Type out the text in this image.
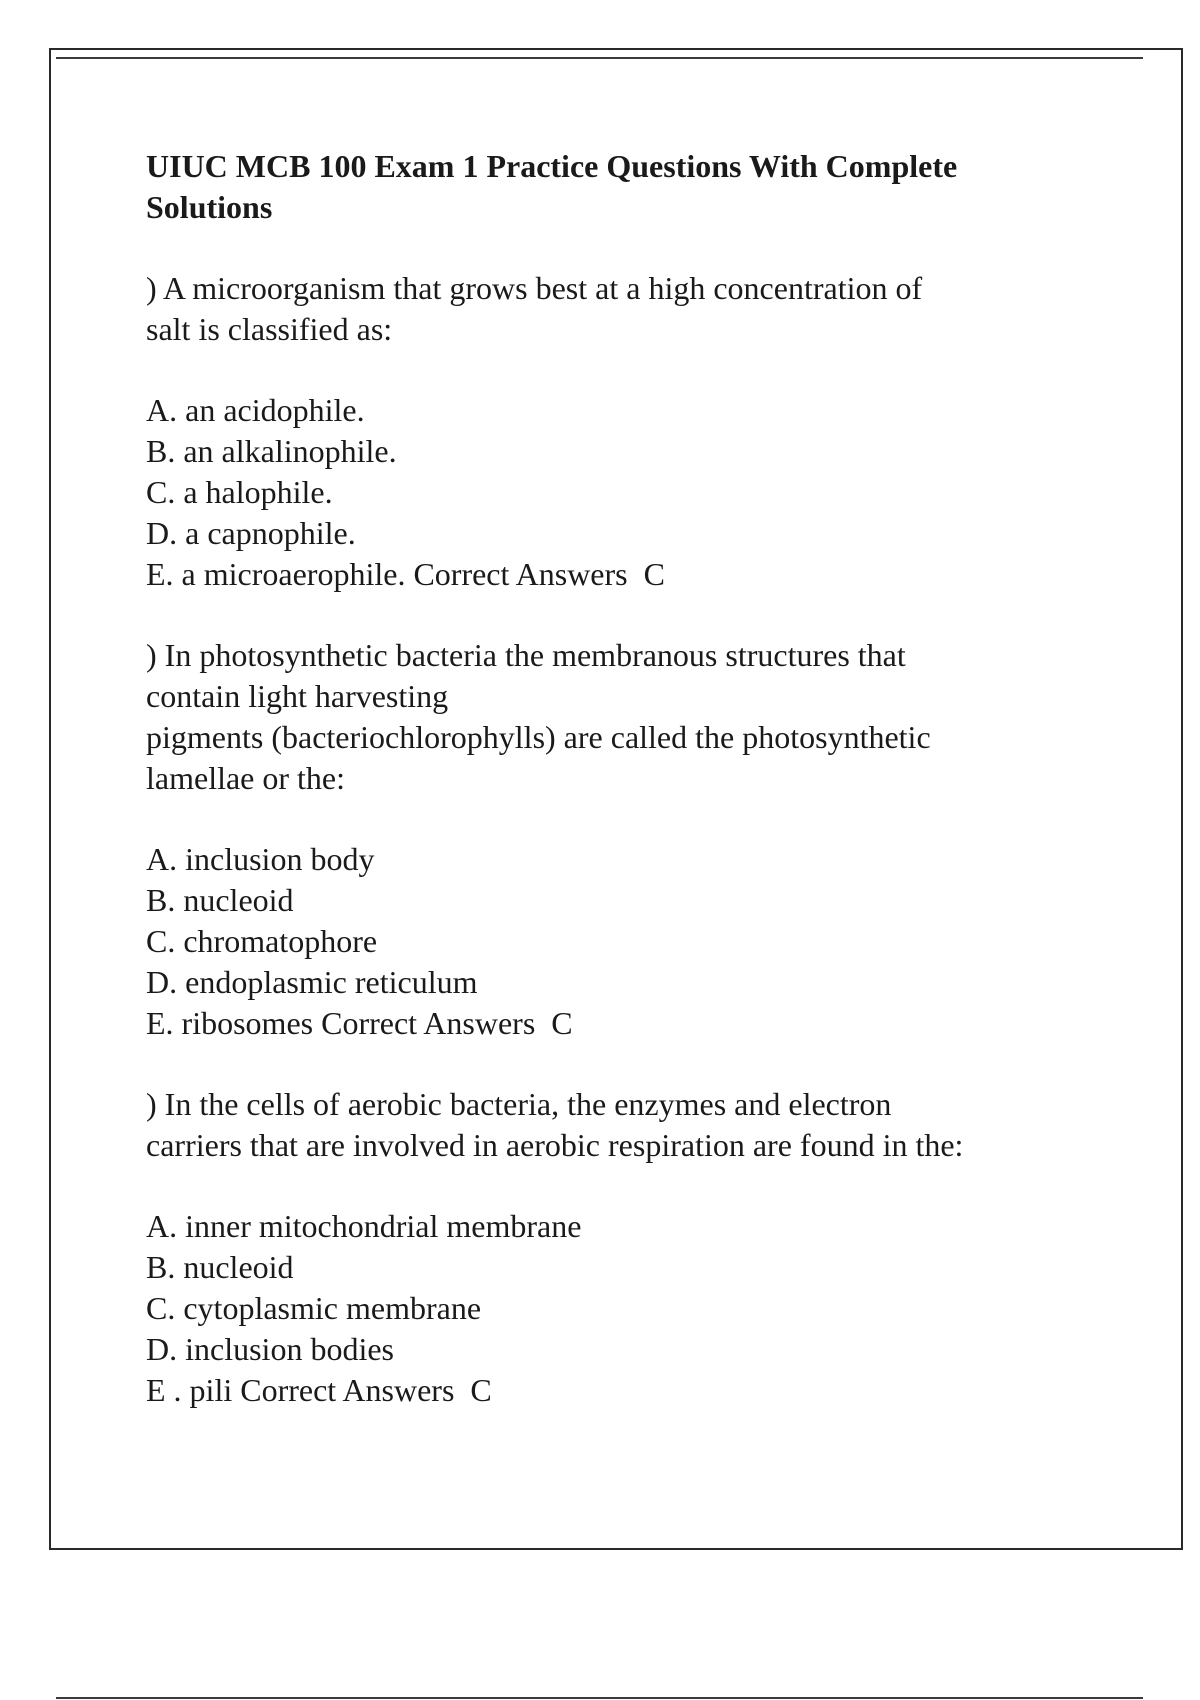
UIUC MCB 100 Exam 1 Practice Questions With Complete Solutions
) A microorganism that grows best at a high concentration of
salt is classified as:
A. an acidophile.
B. an alkalinophile.
C. a halophile.
D. a capnophile.
E. a microaerophile. Correct Answers  C
) In photosynthetic bacteria the membranous structures that
contain light harvesting
pigments (bacteriochlorophylls) are called the photosynthetic
lamellae or the:
A. inclusion body
B. nucleoid
C. chromatophore
D. endoplasmic reticulum
E. ribosomes Correct Answers  C
) In the cells of aerobic bacteria, the enzymes and electron
carriers that are involved in aerobic respiration are found in the:
A. inner mitochondrial membrane
B. nucleoid
C. cytoplasmic membrane
D. inclusion bodies
E . pili Correct Answers  C
